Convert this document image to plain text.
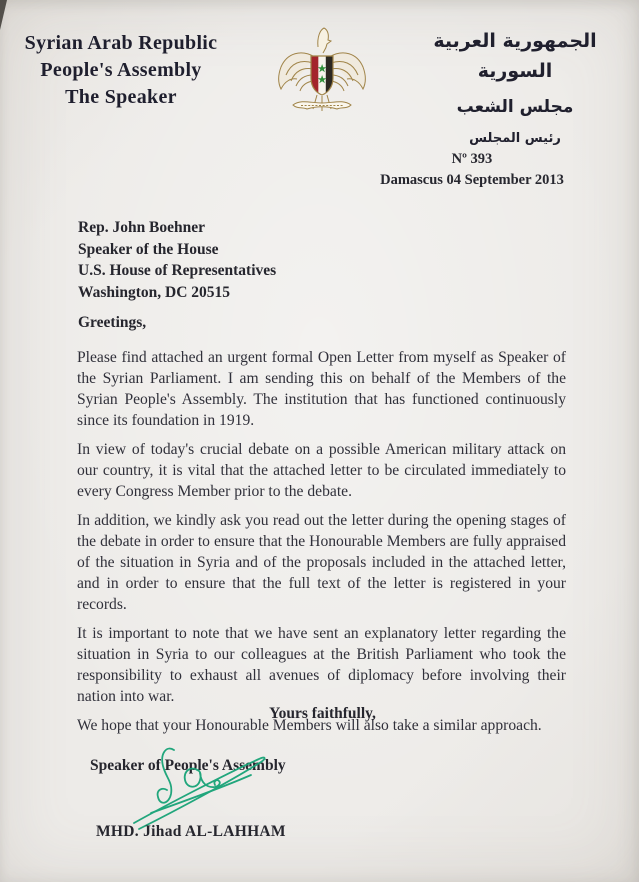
Syrian Arab Republic
People's Assembly
The Speaker
الجمهورية العربية السورية
مجلس الشعب
رئيس المجلس
Nº 393
Damascus 04 September 2013
Rep. John Boehner
Speaker of the House
U.S. House of Representatives
Washington, DC 20515
Greetings,

Please find attached an urgent formal Open Letter from myself as Speaker of the Syrian Parliament. I am sending this on behalf of the Members of the Syrian People's Assembly. The institution that has functioned continuously since its foundation in 1919.

In view of today's crucial debate on a possible American military attack on our country, it is vital that the attached letter to be circulated immediately to every Congress Member prior to the debate.

In addition, we kindly ask you read out the letter during the opening stages of the debate in order to ensure that the Honourable Members are fully appraised of the situation in Syria and of the proposals included in the attached letter, and in order to ensure that the full text of the letter is registered in your records.

It is important to note that we have sent an explanatory letter regarding the situation in Syria to our colleagues at the British Parliament who took the responsibility to exhaust all avenues of diplomacy before involving their nation into war.

We hope that your Honourable Members will also take a similar approach.

Yours faithfully,
Speaker of People's Assembly
MHD. Jihad AL-LAHHAM
